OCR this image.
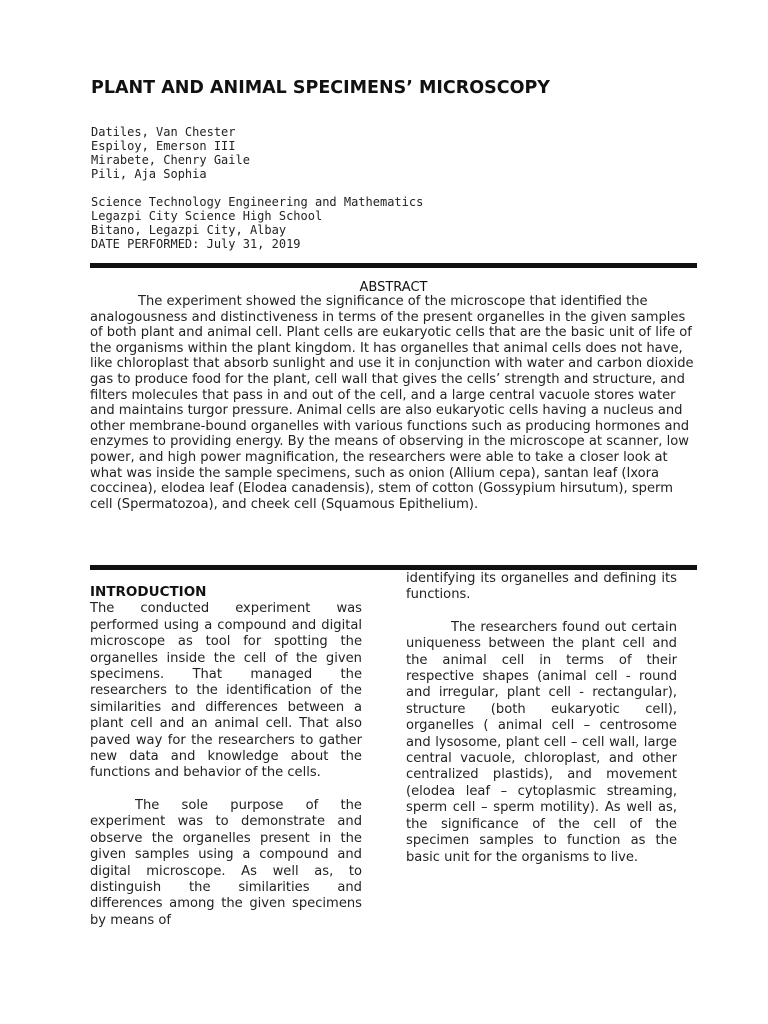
PLANT AND ANIMAL SPECIMENS’ MICROSCOPY
Datiles, Van Chester
Espiloy, Emerson III
Mirabete, Chenry Gaile
Pili, Aja Sophia
Science Technology Engineering and Mathematics
Legazpi City Science High School
Bitano, Legazpi City, Albay
DATE PERFORMED: July 31, 2019
ABSTRACT

The experiment showed the significance of the microscope that identified the analogousness and distinctiveness in terms of the present organelles in the given samples of both plant and animal cell. Plant cells are eukaryotic cells that are the basic unit of life of the organisms within the plant kingdom. It has organelles that animal cells does not have, like chloroplast that absorb sunlight and use it in conjunction with water and carbon dioxide gas to produce food for the plant, cell wall that gives the cells’ strength and structure, and filters molecules that pass in and out of the cell, and a large central vacuole stores water and maintains turgor pressure. Animal cells are also eukaryotic cells having a nucleus and other membrane-bound organelles with various functions such as producing hormones and enzymes to providing energy. By the means of observing in the microscope at scanner, low power, and high power magnification, the researchers were able to take a closer look at what was inside the sample specimens, such as onion (Allium cepa), santan leaf (Ixora coccinea), elodea leaf (Elodea canadensis), stem of cotton (Gossypium hirsutum), sperm cell (Spermatozoa), and cheek cell (Squamous Epithelium).

INTRODUCTION

The conducted experiment was performed using a compound and digital microscope as tool for spotting the organelles inside the cell of the given specimens. That managed the researchers to the identification of the similarities and differences between a plant cell and an animal cell. That also paved way for the researchers to gather new data and knowledge about the functions and behavior of the cells.

The sole purpose of the experiment was to demonstrate and observe the organelles present in the given samples using a compound and digital microscope. As well as, to distinguish the similarities and differences among the given specimens by means of

identifying its organelles and defining its functions.

The researchers found out certain uniqueness between the plant cell and the animal cell in terms of their respective shapes (animal cell - round and irregular, plant cell - rectangular), structure (both eukaryotic cell), organelles ( animal cell – centrosome and lysosome, plant cell – cell wall, large central vacuole, chloroplast, and other centralized plastids), and movement (elodea leaf – cytoplasmic streaming, sperm cell – sperm motility). As well as, the significance of the cell of the specimen samples to function as the basic unit for the organisms to live.
